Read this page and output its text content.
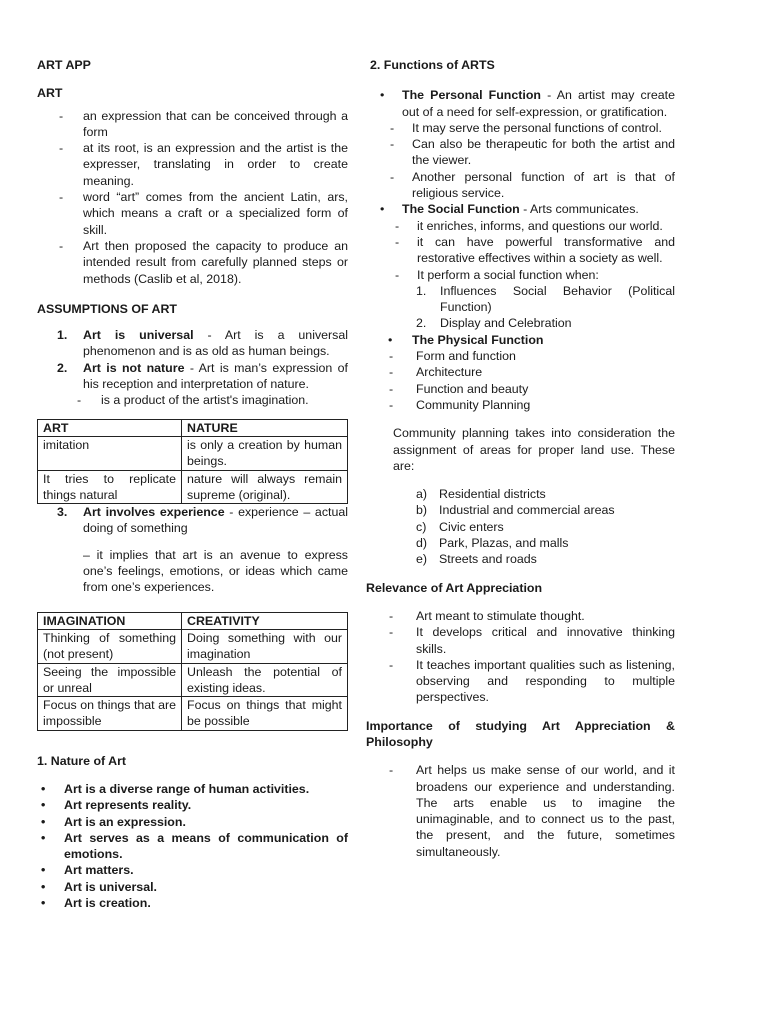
ART APP

ART

- an expression that can be conceived through a form
- at its root, is an expression and the artist is the expresser, translating in order to create meaning.
- word “art” comes from the ancient Latin, ars, which means a craft or a specialized form of skill.
- Art then proposed the capacity to produce an intended result from carefully planned steps or methods (Caslib et al, 2018).

ASSUMPTIONS OF ART

1. Art is universal - Art is a universal phenomenon and is as old as human beings.
2. Art is not nature - Art is man’s expression of his reception and interpretation of nature.
- is a product of the artist's imagination.
ART	NATURE
imitation	is only a creation by human beings.
It tries to replicate things natural	nature will always remain supreme (original).
3. Art involves experience - experience – actual doing of something

– it implies that art is an avenue to express one’s feelings, emotions, or ideas which came from one’s experiences.

IMAGINATION	CREATIVITY
Thinking of something (not present)	Doing something with our imagination
Seeing the impossible or unreal	Unleash the potential of existing ideas.
Focus on things that are impossible	Focus on things that might be possible

1. Nature of Art

• Art is a diverse range of human activities.
• Art represents reality.
• Art is an expression.
• Art serves as a means of communication of emotions.
• Art matters.
• Art is universal.
• Art is creation.

2. Functions of ARTS

• The Personal Function - An artist may create out of a need for self-expression, or gratification.
- It may serve the personal functions of control.
- Can also be therapeutic for both the artist and the viewer.
- Another personal function of art is that of religious service.
• The Social Function - Arts communicates.
- it enriches, informs, and questions our world.
- it can have powerful transformative and restorative effectives within a society as well.
- It perform a social function when:
1. Influences Social Behavior (Political Function)
2. Display and Celebration
• The Physical Function
- Form and function
- Architecture
- Function and beauty
- Community Planning

Community planning takes into consideration the assignment of areas for proper land use. These are:

a) Residential districts
b) Industrial and commercial areas
c) Civic enters
d) Park, Plazas, and malls
e) Streets and roads

Relevance of Art Appreciation

- Art meant to stimulate thought.
- It develops critical and innovative thinking skills.
- It teaches important qualities such as listening, observing and responding to multiple perspectives.

Importance of studying Art Appreciation & Philosophy

- Art helps us make sense of our world, and it broadens our experience and understanding. The arts enable us to imagine the unimaginable, and to connect us to the past, the present, and the future, sometimes simultaneously.
